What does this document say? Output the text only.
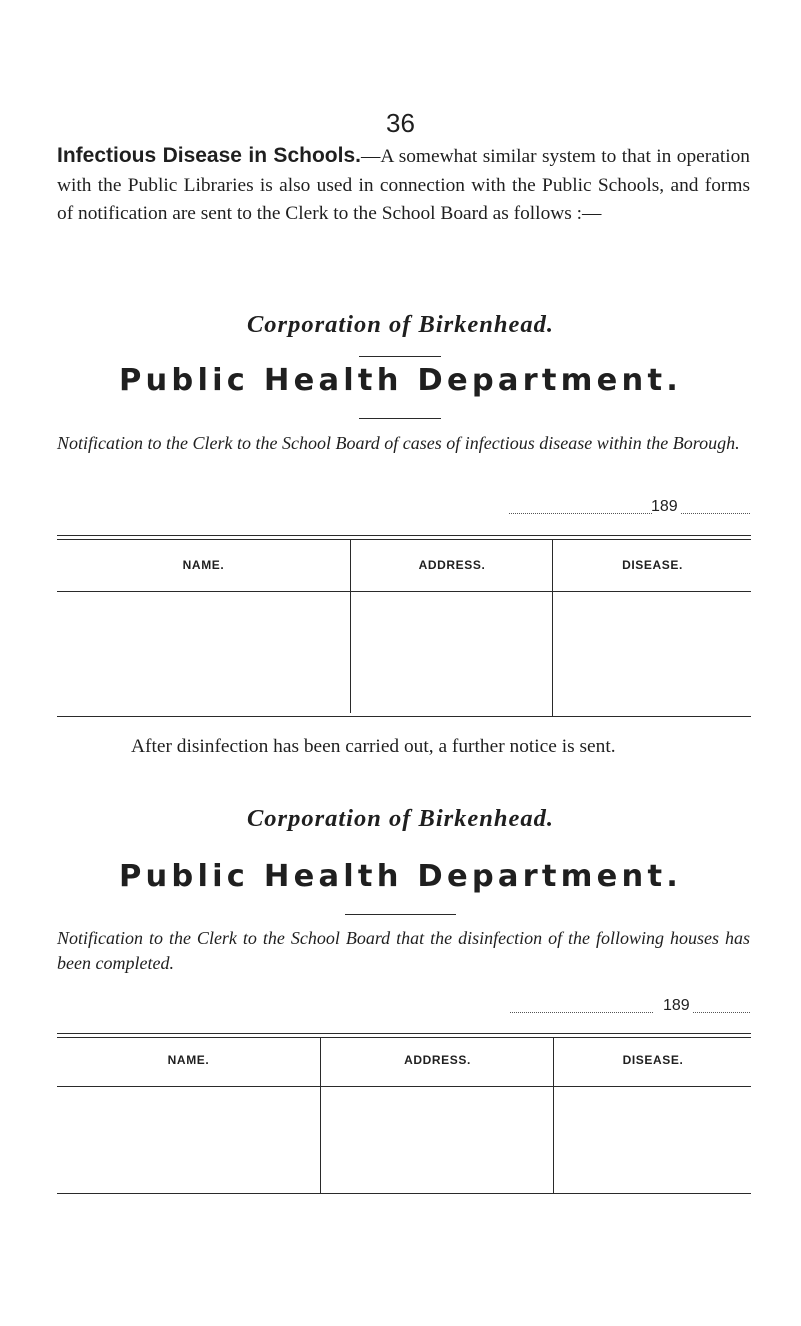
36
Infectious Disease in Schools.—A somewhat similar system to that in operation with the Public Libraries is also used in connection with the Public Schools, and forms of notification are sent to the Clerk to the School Board as follows :—
Corporation of Birkenhead.
Public Health Department.
Notification to the Clerk to the School Board of cases of infectious disease within the Borough.
189
NAME.	ADDRESS.	DISEASE.
After disinfection has been carried out, a further notice is sent.
Corporation of Birkenhead.
Public Health Department.
Notification to the Clerk to the School Board that the disinfection of the following houses has been completed.
189
NAME.	ADDRESS.	DISEASE.
